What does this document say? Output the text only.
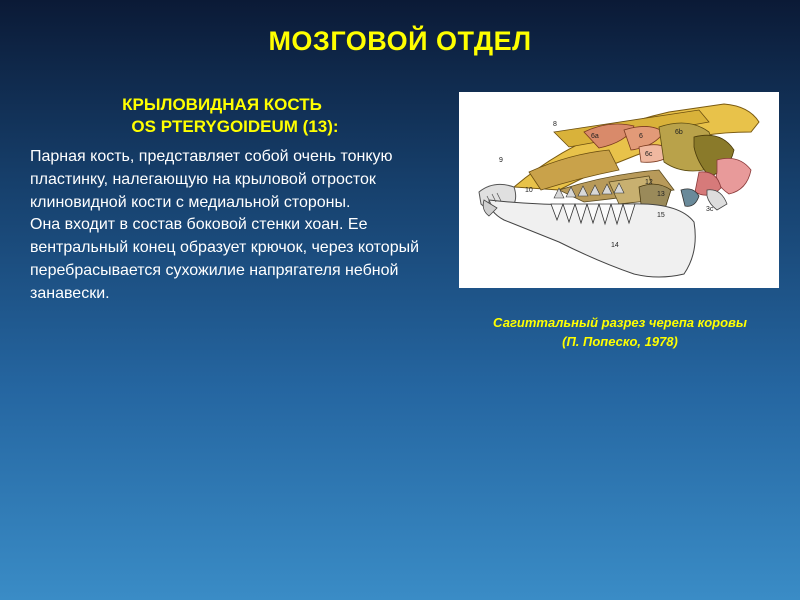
МОЗГОВОЙ ОТДЕЛ
КРЫЛОВИДНАЯ КОСТЬ
OS PTERYGOIDEUM (13):

Парная кость, представляет собой очень тонкую пластинку, налегающую на крыловой отросток клиновидной кости с медиальной стороны.

Она входит в состав боковой стенки хоан. Ее вентральный конец образует крючок, через который перебрасывается сухожилие напрягателя небной занавески.

8
6a	6
6c
6b
9
10
12
13
15
3c
14
Сагиттальный разрез черепа коровы
(П. Попеско, 1978)
